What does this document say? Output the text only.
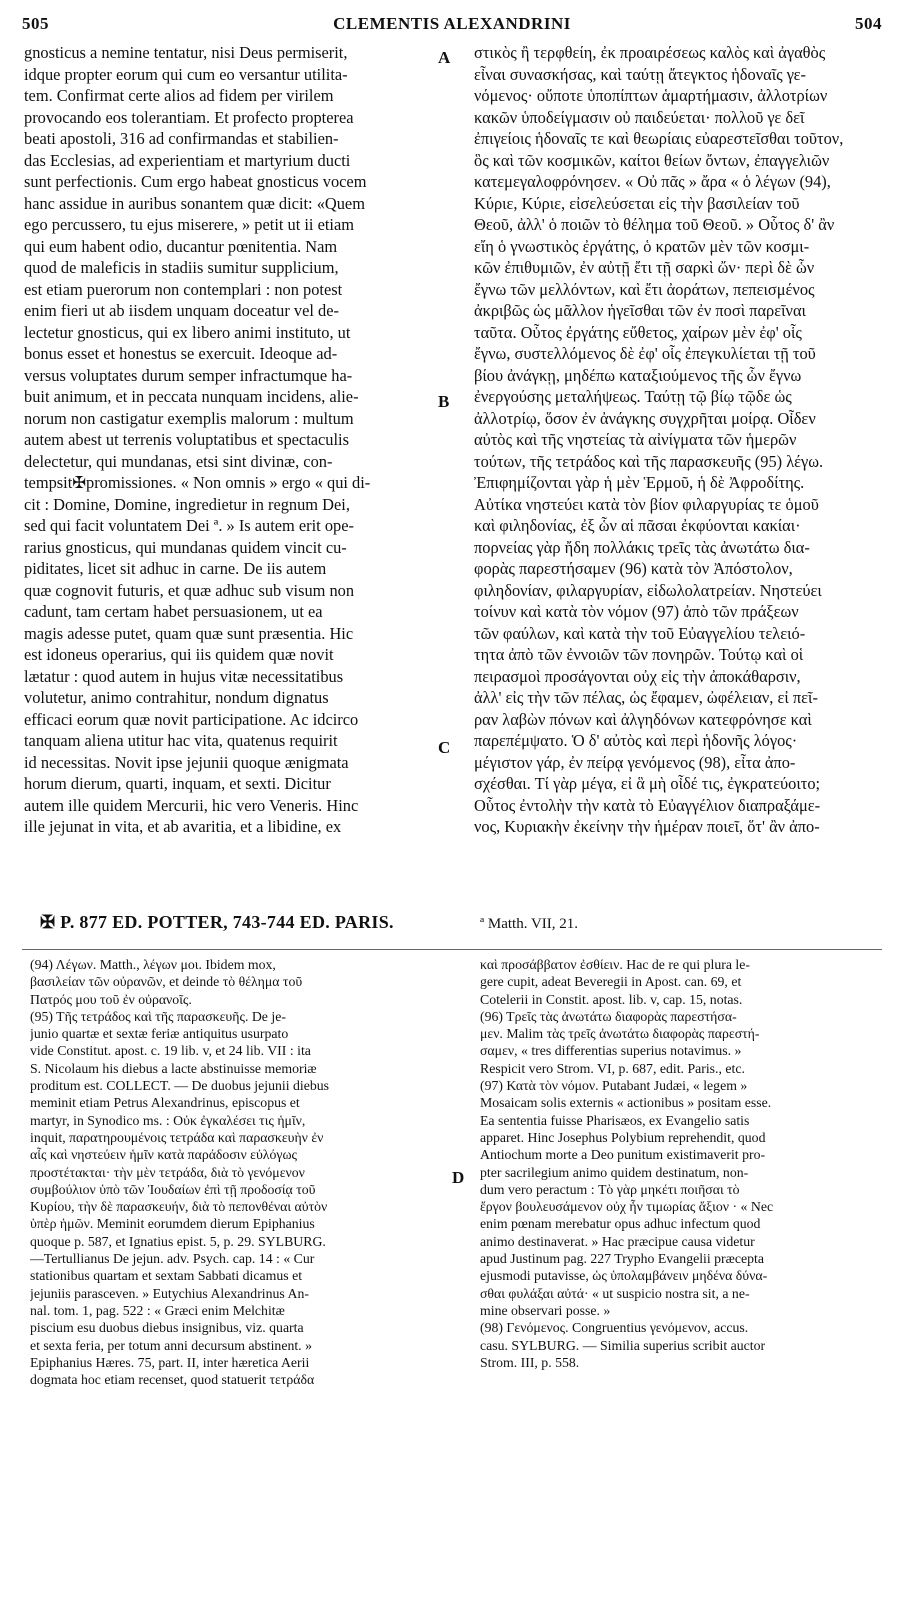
505	CLEMENTIS ALEXANDRINI	504
gnosticus a nemine tentatur, nisi Deus permiserit,
idque propter eorum qui cum eo versantur utilita-
tem. Confirmat certe alios ad fidem per virilem
provocando eos tolerantiam. Et profecto propterea
beati apostoli, 316 ad confirmandas et stabilien-
das Ecclesias, ad experientiam et martyrium ducti
sunt perfectionis. Cum ergo habeat gnosticus vocem
hanc assidue in auribus sonantem quæ dicit: «Quem
ego percussero, tu ejus miserere, » petit ut ii etiam
qui eum habent odio, ducantur pœnitentia. Nam
quod de maleficis in stadiis sumitur supplicium,
est etiam puerorum non contemplari : non potest
enim fieri ut ab iisdem unquam doceatur vel de-
lectetur gnosticus, qui ex libero animi instituto, ut
bonus esset et honestus se exercuit. Ideoque ad-
versus voluptates durum semper infractumque ha-
buit animum, et in peccata nunquam incidens, alie-
norum non castigatur exemplis malorum : multum
autem abest ut terrenis voluptatibus et spectaculis
delectetur, qui mundanas, etsi sint divinæ, con-
tempsit✠promissiones. « Non omnis » ergo « qui di-
cit : Domine, Domine, ingredietur in regnum Dei,
sed qui facit voluntatem Dei ª. » Is autem erit ope-
rarius gnosticus, qui mundanas quidem vincit cu-
piditates, licet sit adhuc in carne. De iis autem
quæ cognovit futuris, et quæ adhuc sub visum non
cadunt, tam certam habet persuasionem, ut ea
magis adesse putet, quam quæ sunt præsentia. Hic
est idoneus operarius, qui iis quidem quæ novit
lætatur : quod autem in hujus vitæ necessitatibus
volutetur, animo contrahitur, nondum dignatus
efficaci eorum quæ novit participatione. Ac idcirco
tanquam aliena utitur hac vita, quatenus requirit
id necessitas. Novit ipse jejunii quoque ænigmata
horum dierum, quarti, inquam, et sexti. Dicitur
autem ille quidem Mercurii, hic vero Veneris. Hinc
ille jejunat in vita, et ab avaritia, et a libidine, ex
A
B
C
στικὸς ἢ τερφθείη, ἐκ προαιρέσεως καλὸς καὶ ἀγαθὸς
εἶναι συνασκήσας, καὶ ταύτῃ ἄτεγκτος ἡδοναῖς γε-
νόμενος· οὔποτε ὑποπίπτων ἁμαρτήμασιν, ἀλλοτρίων
κακῶν ὑποδείγμασιν οὐ παιδεύεται· πολλοῦ γε δεῖ
ἐπιγείοις ἡδοναῖς τε καὶ θεωρίαις εὐαρεστεῖσθαι τοῦτον,
ὃς καὶ τῶν κοσμικῶν, καίτοι θείων ὄντων, ἐπαγγελιῶν
κατεμεγαλοφρόνησεν. « Οὐ πᾶς » ἄρα « ὁ λέγων (94),
Κύριε, Κύριε, εἰσελεύσεται εἰς τὴν βασιλείαν τοῦ
Θεοῦ, ἀλλ' ὁ ποιῶν τὸ θέλημα τοῦ Θεοῦ. » Οὗτος δ' ἂν
εἴη ὁ γνωστικὸς ἐργάτης, ὁ κρατῶν μὲν τῶν κοσμι-
κῶν ἐπιθυμιῶν, ἐν αὐτῇ ἔτι τῇ σαρκὶ ὤν· περὶ δὲ ὧν
ἔγνω τῶν μελλόντων, καὶ ἔτι ἀοράτων, πεπεισμένος
ἀκριβῶς ὡς μᾶλλον ἡγεῖσθαι τῶν ἐν ποσὶ παρεῖναι
ταῦτα. Οὗτος ἐργάτης εὔθετος, χαίρων μὲν ἐφ' οἷς
ἔγνω, συστελλόμενος δὲ ἐφ' οἷς ἐπεγκυλίεται τῇ τοῦ
βίου ἀνάγκῃ, μηδέπω καταξιούμενος τῆς ὧν ἔγνω
ἐνεργούσης μεταλήψεως. Ταύτῃ τῷ βίῳ τῷδε ὡς
ἀλλοτρίῳ, ὅσον ἐν ἀνάγκης συγχρῆται μοίρᾳ. Οἶδεν
αὐτὸς καὶ τῆς νηστείας τὰ αἰνίγματα τῶν ἡμερῶν
τούτων, τῆς τετράδος καὶ τῆς παρασκευῆς (95) λέγω.
Ἐπιφημίζονται γὰρ ἡ μὲν Ἑρμοῦ, ἡ δὲ Ἀφροδίτης.
Αὐτίκα νηστεύει κατὰ τὸν βίον φιλαργυρίας τε ὁμοῦ
καὶ φιληδονίας, ἐξ ὧν αἱ πᾶσαι ἐκφύονται κακίαι·
πορνείας γὰρ ἤδη πολλάκις τρεῖς τὰς ἀνωτάτω δια-
φορὰς παρεστήσαμεν (96) κατὰ τὸν Ἀπόστολον,
φιληδονίαν, φιλαργυρίαν, εἰδωλολατρείαν. Νηστεύει
τοίνυν καὶ κατὰ τὸν νόμον (97) ἀπὸ τῶν πράξεων
τῶν φαύλων, καὶ κατὰ τὴν τοῦ Εὐαγγελίου τελειό-
τητα ἀπὸ τῶν ἐννοιῶν τῶν πονηρῶν. Τούτῳ καὶ οἱ
πειρασμοὶ προσάγονται οὐχ εἰς τὴν ἀποκάθαρσιν,
ἀλλ' εἰς τὴν τῶν πέλας, ὡς ἔφαμεν, ὠφέλειαν, εἰ πεῖ-
ραν λαβὼν πόνων καὶ ἀλγηδόνων κατεφρόνησε καὶ
παρεπέμψατο. Ὁ δ' αὐτὸς καὶ περὶ ἡδονῆς λόγος·
μέγιστον γάρ, ἐν πείρᾳ γενόμενος (98), εἶτα ἀπο-
σχέσθαι. Τί γὰρ μέγα, εἰ ἃ μὴ οἶδέ τις, ἐγκρατεύοιτο;
Οὗτος ἐντολὴν τὴν κατὰ τὸ Εὐαγγέλιον διαπραξάμε-
νος, Κυριακὴν ἐκείνην τὴν ἡμέραν ποιεῖ, ὅτ' ἂν ἀπο-
✠ P. 877 ED. POTTER, 743-744 ED. PARIS.	ª Matth. VII, 21.
(94) Λέγων. Matth., λέγων μοι. Ibidem mox,
βασιλείαν τῶν οὐρανῶν, et deinde τὸ θέλημα τοῦ
Πατρός μου τοῦ ἐν οὐρανοῖς.
(95) Τῆς τετράδος καὶ τῆς παρασκευῆς. De je-
junio quartæ et sextæ feriæ antiquitus usurpato
vide Constitut. apost. c. 19 lib. v, et 24 lib. VII : ita
S. Nicolaum his diebus a lacte abstinuisse memoriæ
proditum est. COLLECT. — De duobus jejunii diebus
meminit etiam Petrus Alexandrinus, episcopus et
martyr, in Synodico ms. : Οὐκ ἐγκαλέσει τις ἡμῖν,
inquit, παρατηρουμένοις τετράδα καὶ παρασκευὴν ἐν
αἷς καὶ νηστεύειν ἡμῖν κατὰ παράδοσιν εὐλόγως
προστέτακται· τὴν μὲν τετράδα, διὰ τὸ γενόμενον
συμβούλιον ὑπὸ τῶν Ἰουδαίων ἐπὶ τῇ προδοσίᾳ τοῦ
Κυρίου, τὴν δὲ παρασκευήν, διὰ τὸ πεπονθέναι αὐτὸν
ὑπὲρ ἡμῶν. Meminit eorumdem dierum Epiphanius
quoque p. 587, et Ignatius epist. 5, p. 29. SYLBURG.
—Tertullianus De jejun. adv. Psych. cap. 14 : « Cur
stationibus quartam et sextam Sabbati dicamus et
jejuniis parasceven. » Eutychius Alexandrinus An-
nal. tom. 1, pag. 522 : « Græci enim Melchitæ
piscium esu duobus diebus insignibus, viz. quarta
et sexta feria, per totum anni decursum abstinent. »
Epiphanius Hæres. 75, part. II, inter hæretica Aerii
dogmata hoc etiam recenset, quod statuerit τετράδα
D
καὶ προσάββατον ἐσθίειν. Hac de re qui plura le-
gere cupit, adeat Beveregii in Apost. can. 69, et
Cotelerii in Constit. apost. lib. v, cap. 15, notas.
(96) Τρεῖς τὰς ἀνωτάτω διαφορὰς παρεστήσα-
μεν. Malim τὰς τρεῖς ἀνωτάτω διαφορὰς παρεστή-
σαμεν, « tres differentias superius notavimus. »
Respicit vero Strom. VI, p. 687, edit. Paris., etc.
(97) Κατὰ τὸν νόμον. Putabant Judæi, « legem »
Mosaicam solis externis « actionibus » positam esse.
Ea sententia fuisse Pharisæos, ex Evangelio satis
apparet. Hinc Josephus Polybium reprehendit, quod
Antiochum morte a Deo punitum existimaverit pro-
pter sacrilegium animo quidem destinatum, non-
dum vero peractum : Τὸ γὰρ μηκέτι ποιῆσαι τὸ
ἔργον βουλευσάμενον οὐχ ἦν τιμωρίας ἄξιον · « Nec
enim pœnam merebatur opus adhuc infectum quod
animo destinaverat. » Hac præcipue causa videtur
apud Justinum pag. 227 Trypho Evangelii præcepta
ejusmodi putavisse, ὡς ὑπολαμβάνειν μηδένα δύνα-
σθαι φυλάξαι αὐτά· « ut suspicio nostra sit, a ne-
mine observari posse. »
(98) Γενόμενος. Congruentius γενόμενον, accus.
casu. SYLBURG. — Similia superius scribit auctor
Strom. III, p. 558.
